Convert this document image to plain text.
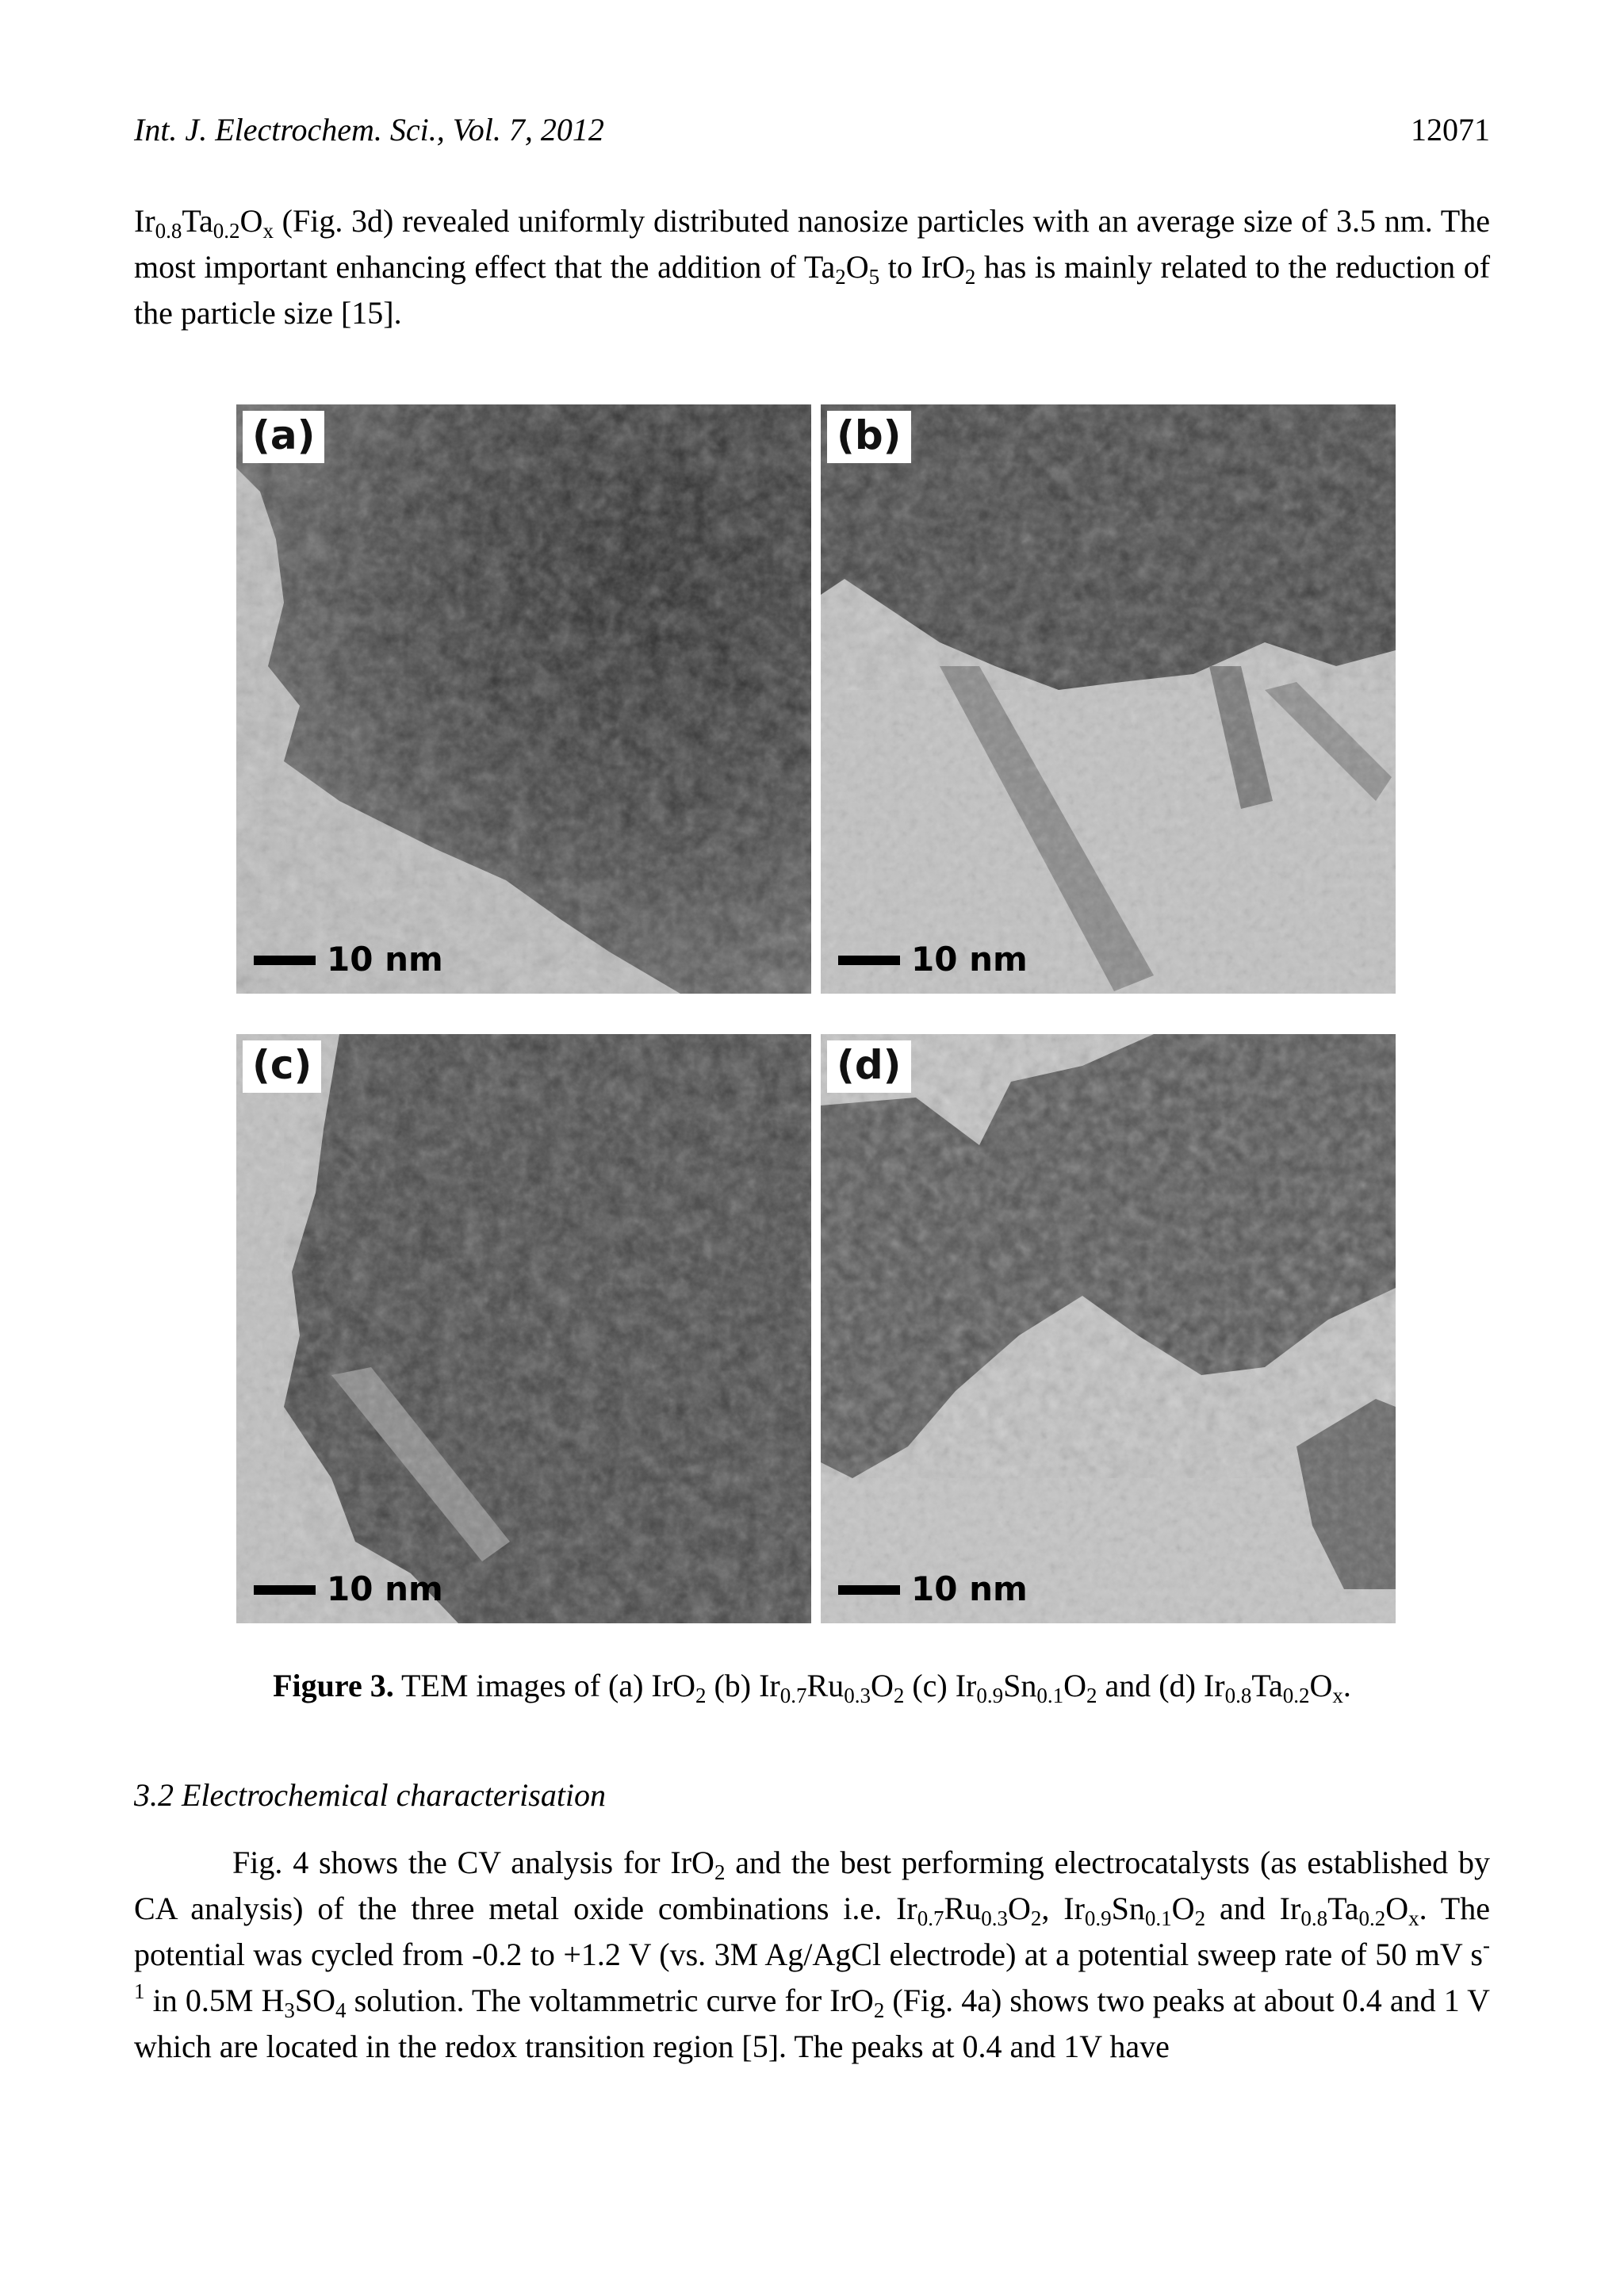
Int. J. Electrochem. Sci., Vol. 7, 2012	12071

$Ir_{0.8}Ta_{0.2}O_x$ (Fig. 3d) revealed uniformly distributed nanosize particles with an average size of 3.5 nm. The most important enhancing effect that the addition of $Ta_2O_5$ to IrO$_2$ has is mainly related to the reduction of the particle size [15].

(a)
10 nm
(b)
10 nm
(c)
10 nm
(d)
10 nm
Figure 3. TEM images of (a) IrO$_2$ (b) $Ir_{0.7}Ru_{0.3}O_2$ (c) $Ir_{0.9}Sn_{0.1}O_2$ and (d) $Ir_{0.8}Ta_{0.2}O_x$.
3.2 Electrochemical characterisation

Fig. 4 shows the CV analysis for IrO$_2$ and the best performing electrocatalysts (as established by CA analysis) of the three metal oxide combinations i.e. $Ir_{0.7}Ru_{0.3}O_2$, $Ir_{0.9}Sn_{0.1}O_2$ and $Ir_{0.8}Ta_{0.2}O_x$. The potential was cycled from -0.2 to +1.2 V (vs. 3M Ag/AgCl electrode) at a potential sweep rate of 50 mV $s^{-1}$ in 0.5M $H_3SO_4$ solution. The voltammetric curve for IrO$_2$ (Fig. 4a) shows two peaks at about 0.4 and 1 V which are located in the redox transition region [5]. The peaks at 0.4 and 1V have
